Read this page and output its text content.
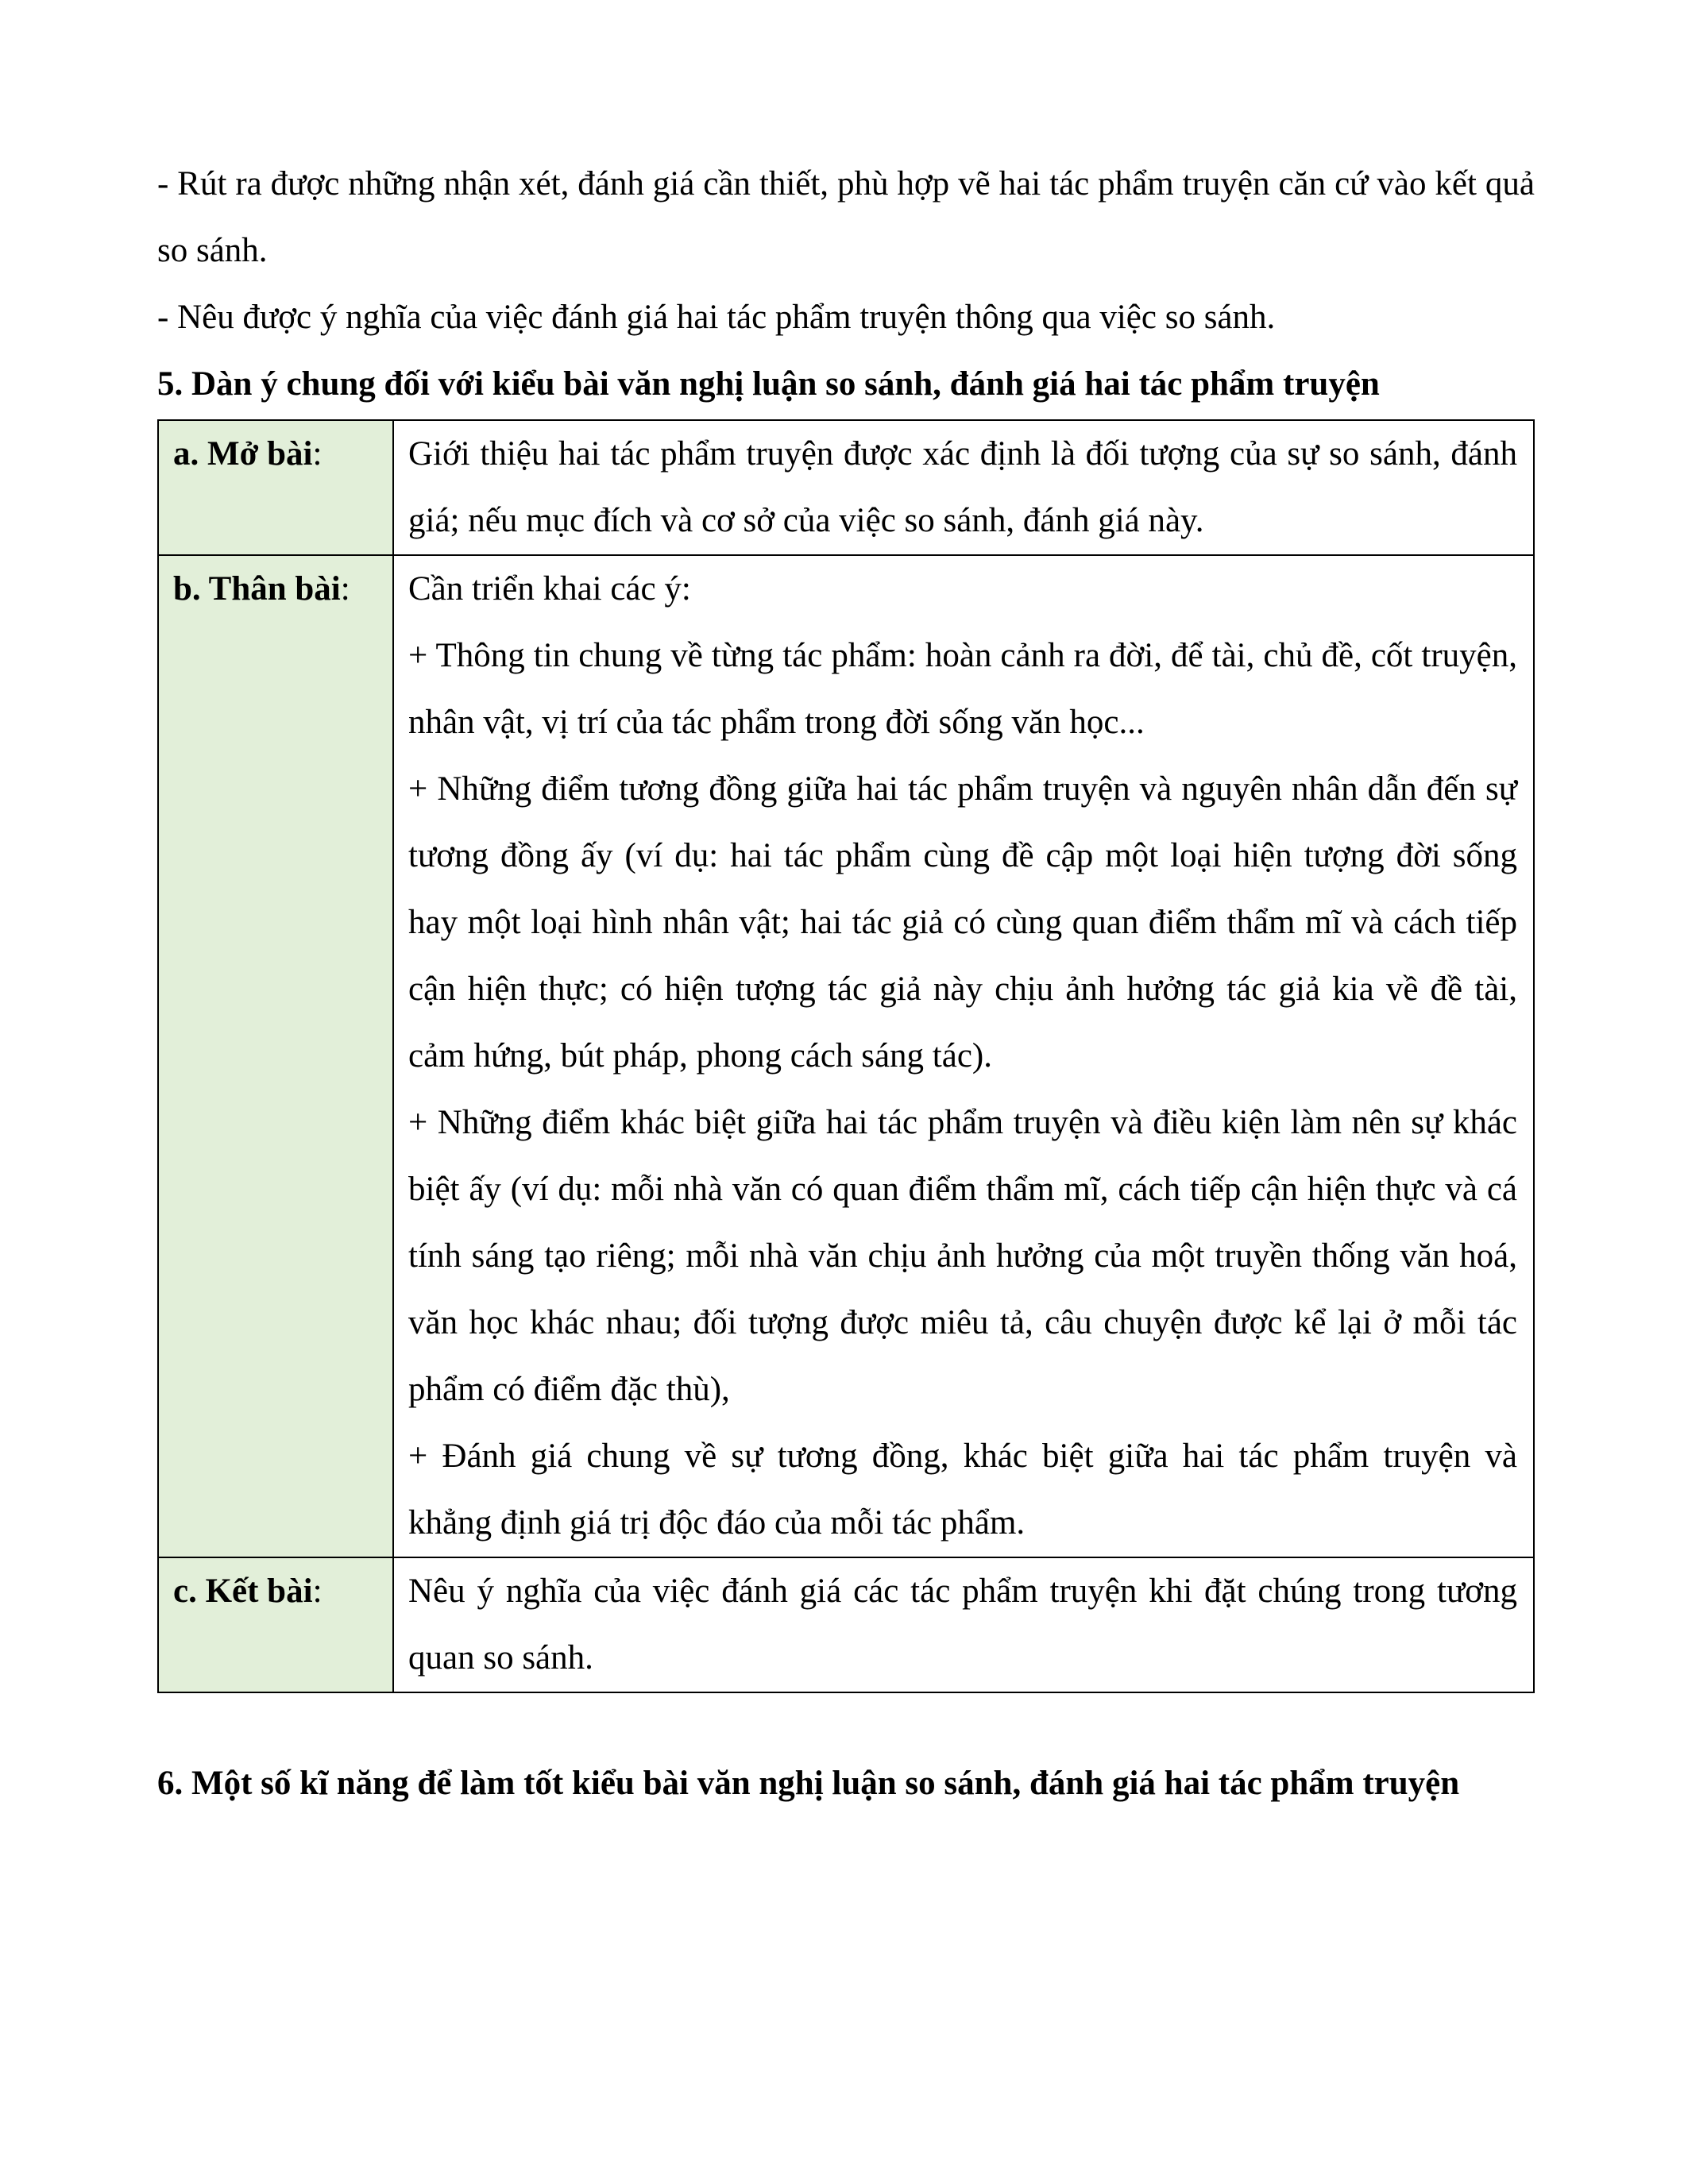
- Rút ra được những nhận xét, đánh giá cần thiết, phù hợp vẽ hai tác phẩm truyện căn cứ vào kết quả so sánh.

- Nêu được ý nghĩa của việc đánh giá hai tác phẩm truyện thông qua việc so sánh.

5. Dàn ý chung đối với kiểu bài văn nghị luận so sánh, đánh giá hai tác phẩm truyện

a. Mở bài:	Giới thiệu hai tác phẩm truyện được xác định là đối tượng của sự so sánh, đánh giá; nếu mục đích và cơ sở của việc so sánh, đánh giá này.

b. Thân bài:	Cần triển khai các ý:

+ Thông tin chung về từng tác phẩm: hoàn cảnh ra đời, để tài, chủ đề, cốt truyện, nhân vật, vị trí của tác phẩm trong đời sống văn học...

+ Những điểm tương đồng giữa hai tác phẩm truyện và nguyên nhân dẫn đến sự tương đồng ấy (ví dụ: hai tác phẩm cùng đề cập một loại hiện tượng đời sống hay một loại hình nhân vật; hai tác giả có cùng quan điểm thẩm mĩ và cách tiếp cận hiện thực; có hiện tượng tác giả này chịu ảnh hưởng tác giả kia về đề tài, cảm hứng, bút pháp, phong cách sáng tác).

+ Những điểm khác biệt giữa hai tác phẩm truyện và điều kiện làm nên sự khác biệt ấy (ví dụ: mỗi nhà văn có quan điểm thẩm mĩ, cách tiếp cận hiện thực và cá tính sáng tạo riêng; mỗi nhà văn chịu ảnh hưởng của một truyền thống văn hoá, văn học khác nhau; đối tượng được miêu tả, câu chuyện được kể lại ở mỗi tác phẩm có điểm đặc thù),

+ Đánh giá chung về sự tương đồng, khác biệt giữa hai tác phẩm truyện và khẳng định giá trị độc đáo của mỗi tác phẩm.

c. Kết bài:	Nêu ý nghĩa của việc đánh giá các tác phẩm truyện khi đặt chúng trong tương quan so sánh.

6. Một số kĩ năng để làm tốt kiểu bài văn nghị luận so sánh, đánh giá hai tác phẩm truyện
